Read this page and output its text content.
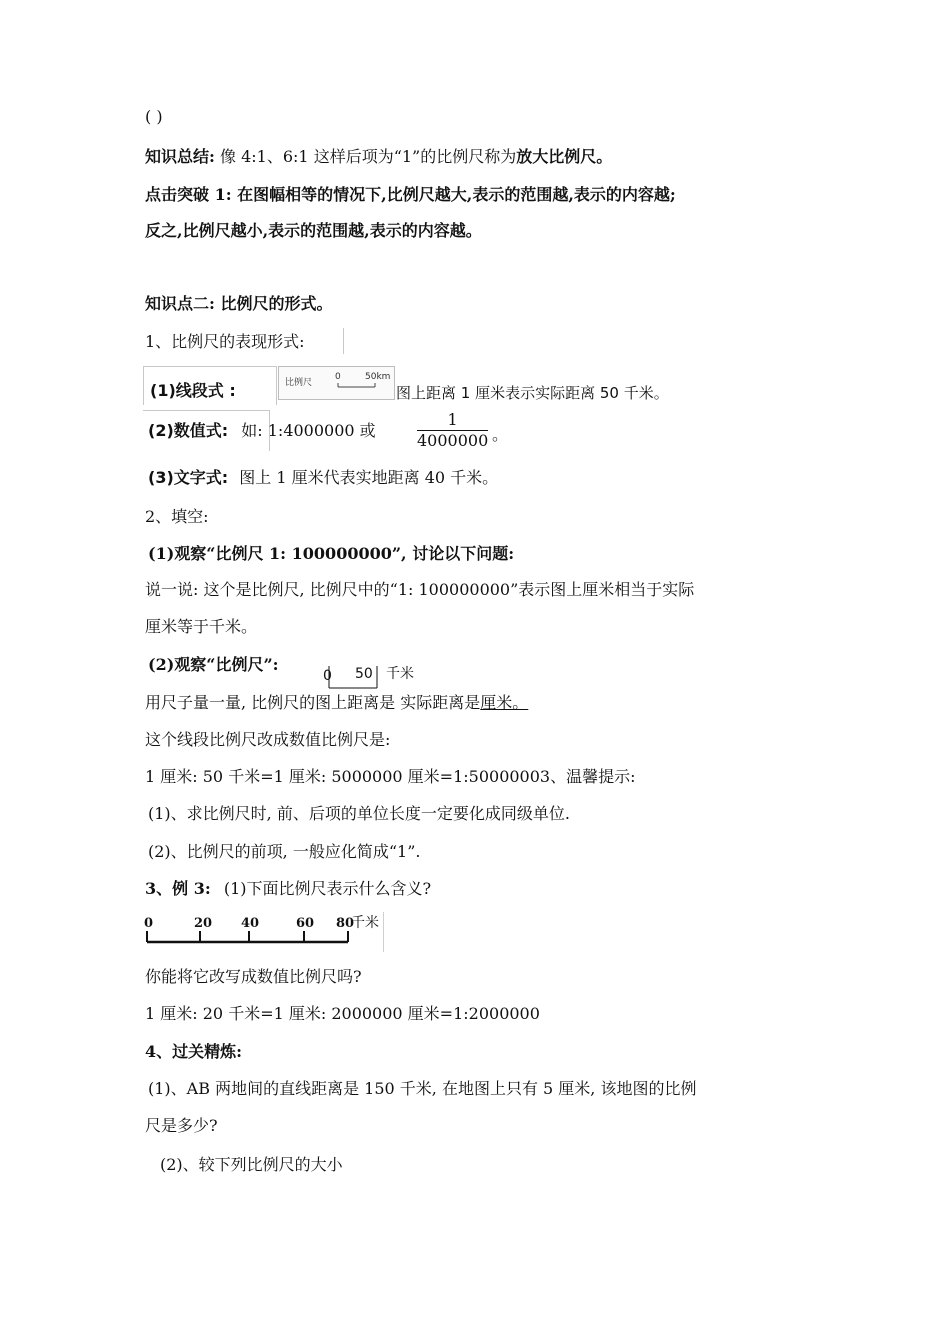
( )
知识总结: 像 4:1、6:1 这样后项为“1”的比例尺称为放大比例尺。
点击突破 1: 在图幅相等的情况下,比例尺越大,表示的范围越,表示的内容越;
反之,比例尺越小,表示的范围越,表示的内容越。
知识点二: 比例尺的形式。
1、比例尺的表现形式:
(1)线段式 :	比例尺
0	50km
图上距离 1 厘米表示实际距离 50 千米。
(2)数值式: 如: 1:4000000 或	$\frac{1}{4000000}$ 。
(3)文字式: 图上 1 厘米代表实地距离 40 千米。
2、填空:
(1)观察“比例尺 1: 100000000”, 讨论以下问题:
说一说: 这个是比例尺, 比例尺中的“1: 100000000”表示图上厘米相当于实际
厘米等于千米。
(2)观察“比例尺”:
0 50 千米
用尺子量一量, 比例尺的图上距离是 实际距离是厘米。
这个线段比例尺改成数值比例尺是:
1 厘米: 50 千米=1 厘米: 5000000 厘米=1:50000003、温馨提示:
(1)、求比例尺时, 前、后项的单位长度一定要化成同级单位.
(2)、比例尺的前项, 一般应化简成“1”.
3、例 3: (1)下面比例尺表示什么含义?
0	20 40	60 80
千米
你能将它改写成数值比例尺吗?
1 厘米: 20 千米=1 厘米: 2000000 厘米=1:2000000
4、过关精炼:
(1)、AB 两地间的直线距离是 150 千米, 在地图上只有 5 厘米, 该地图的比例
尺是多少?
(2)、较下列比例尺的大小
